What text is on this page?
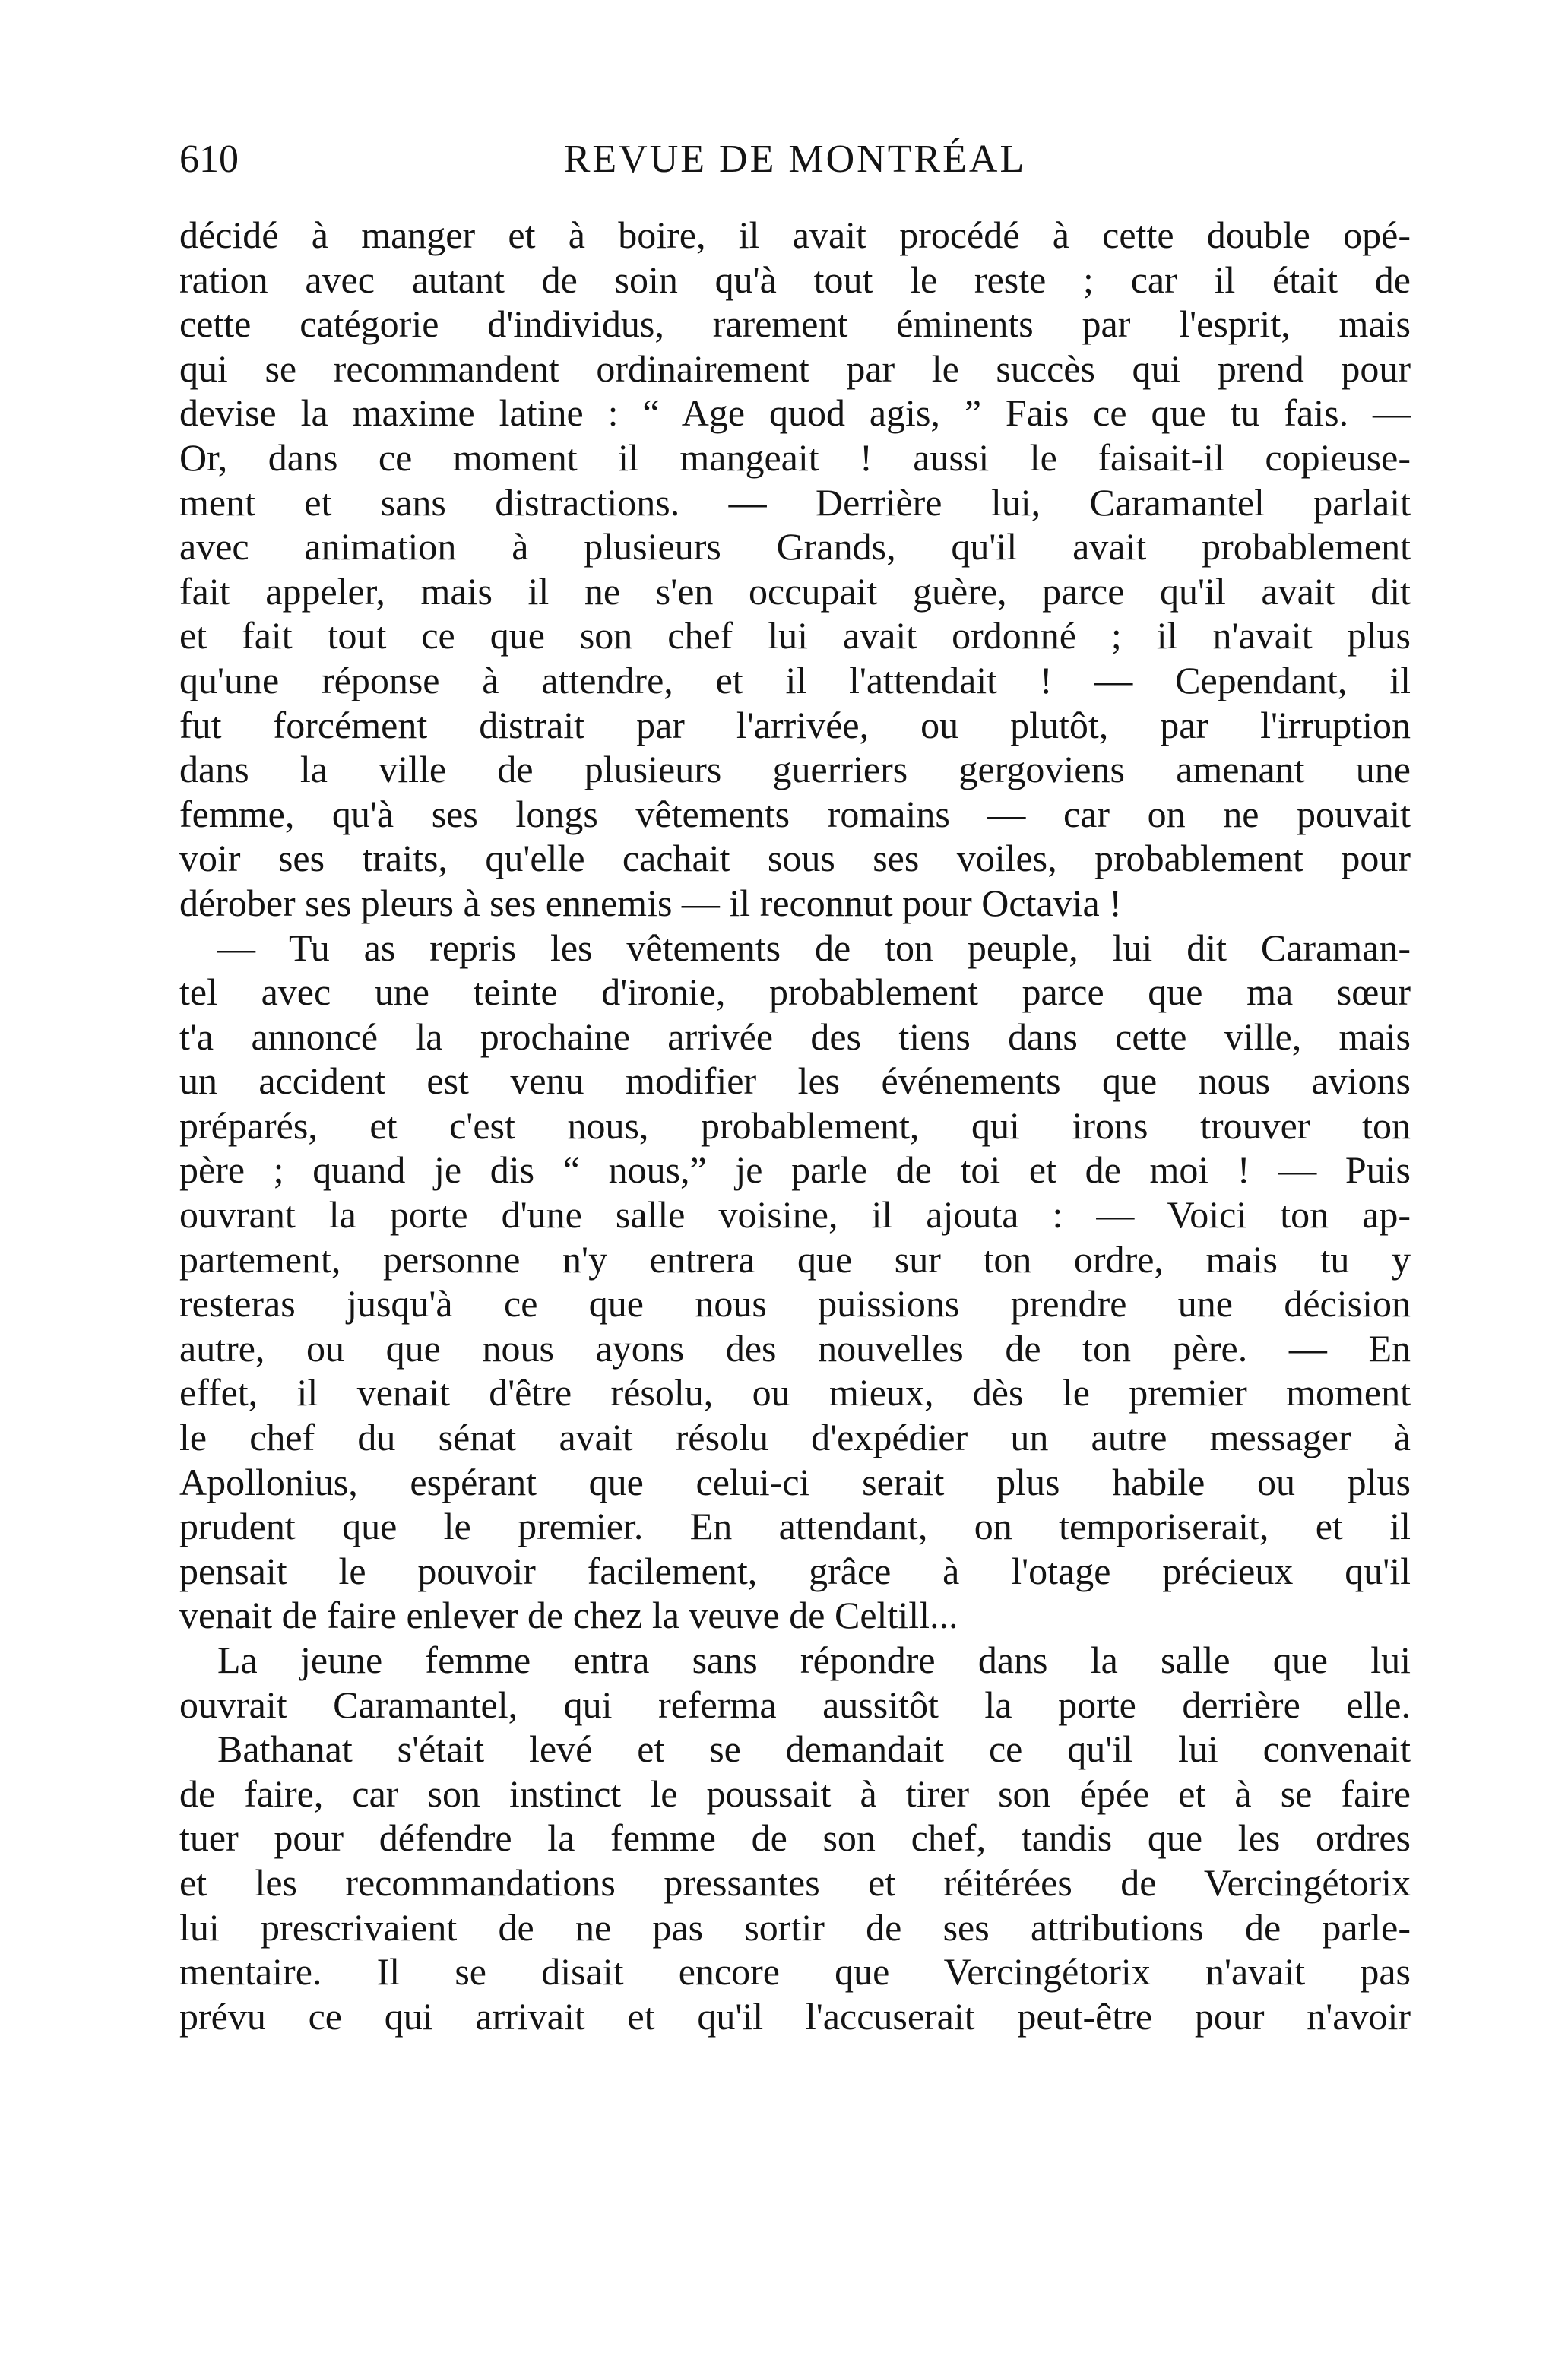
610	REVUE DE MONTRÉAL
décidé à manger et à boire, il avait procédé à cette double opé-
ration avec autant de soin qu'à tout le reste ; car il était de
cette catégorie d'individus, rarement éminents par l'esprit, mais
qui se recommandent ordinairement par le succès qui prend pour
devise la maxime latine : “ Age quod agis, ” Fais ce que tu fais. —
Or, dans ce moment il mangeait ! aussi le faisait-il copieuse-
ment et sans distractions. — Derrière lui, Caramantel parlait
avec animation à plusieurs Grands, qu'il avait probablement
fait appeler, mais il ne s'en occupait guère, parce qu'il avait dit
et fait tout ce que son chef lui avait ordonné ; il n'avait plus
qu'une réponse à attendre, et il l'attendait ! — Cependant, il
fut forcément distrait par l'arrivée, ou plutôt, par l'irruption
dans la ville de plusieurs guerriers gergoviens amenant une
femme, qu'à ses longs vêtements romains — car on ne pouvait
voir ses traits, qu'elle cachait sous ses voiles, probablement pour
dérober ses pleurs à ses ennemis — il reconnut pour Octavia !
— Tu as repris les vêtements de ton peuple, lui dit Caraman-
tel avec une teinte d'ironie, probablement parce que ma sœur
t'a annoncé la prochaine arrivée des tiens dans cette ville, mais
un accident est venu modifier les événements que nous avions
préparés, et c'est nous, probablement, qui irons trouver ton
père ; quand je dis “ nous,” je parle de toi et de moi ! — Puis
ouvrant la porte d'une salle voisine, il ajouta : — Voici ton ap-
partement, personne n'y entrera que sur ton ordre, mais tu y
resteras jusqu'à ce que nous puissions prendre une décision
autre, ou que nous ayons des nouvelles de ton père. — En
effet, il venait d'être résolu, ou mieux, dès le premier moment
le chef du sénat avait résolu d'expédier un autre messager à
Apollonius, espérant que celui-ci serait plus habile ou plus
prudent que le premier. En attendant, on temporiserait, et il
pensait le pouvoir facilement, grâce à l'otage précieux qu'il
venait de faire enlever de chez la veuve de Celtill...
La jeune femme entra sans répondre dans la salle que lui
ouvrait Caramantel, qui referma aussitôt la porte derrière elle.
Bathanat s'était levé et se demandait ce qu'il lui convenait
de faire, car son instinct le poussait à tirer son épée et à se faire
tuer pour défendre la femme de son chef, tandis que les ordres
et les recommandations pressantes et réitérées de Vercingétorix
lui prescrivaient de ne pas sortir de ses attributions de parle-
mentaire. Il se disait encore que Vercingétorix n'avait pas
prévu ce qui arrivait et qu'il l'accuserait peut-être pour n'avoir
